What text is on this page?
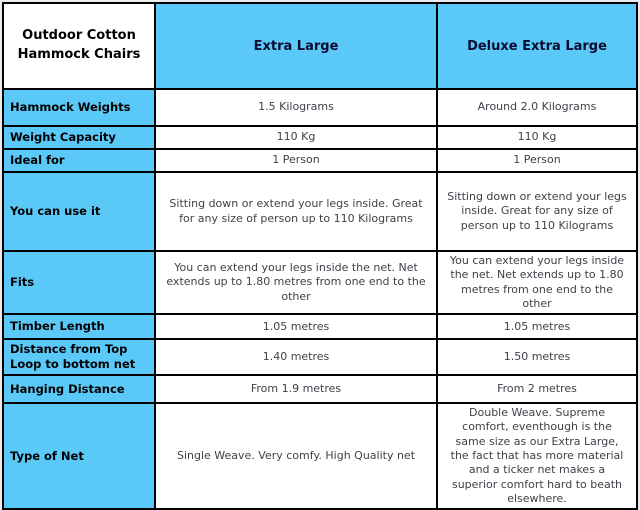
Outdoor Cotton Hammock Chairs	Extra Large	Deluxe Extra Large
Hammock Weights	1.5 Kilograms	Around 2.0 Kilograms
Weight Capacity	110 Kg	110 Kg
Ideal for	1 Person	1 Person
You can use it	Sitting down or extend your legs inside. Great for any size of person up to 110 Kilograms	Sitting down or extend your legs inside. Great for any size of person up to 110 Kilograms
Fits	You can extend your legs inside the net. Net extends up to 1.80 metres from one end to the other	You can extend your legs inside the net. Net extends up to 1.80 metres from one end to the other
Timber Length	1.05 metres	1.05 metres
Distance from Top Loop to bottom net	1.40 metres	1.50 metres
Hanging Distance	From 1.9 metres	From 2 metres
Type of Net	Single Weave. Very comfy. High Quality net	Double Weave. Supreme comfort, eventhough is the same size as our Extra Large, the fact that has more material and a ticker net makes a superior comfort hard to beath elsewhere.
